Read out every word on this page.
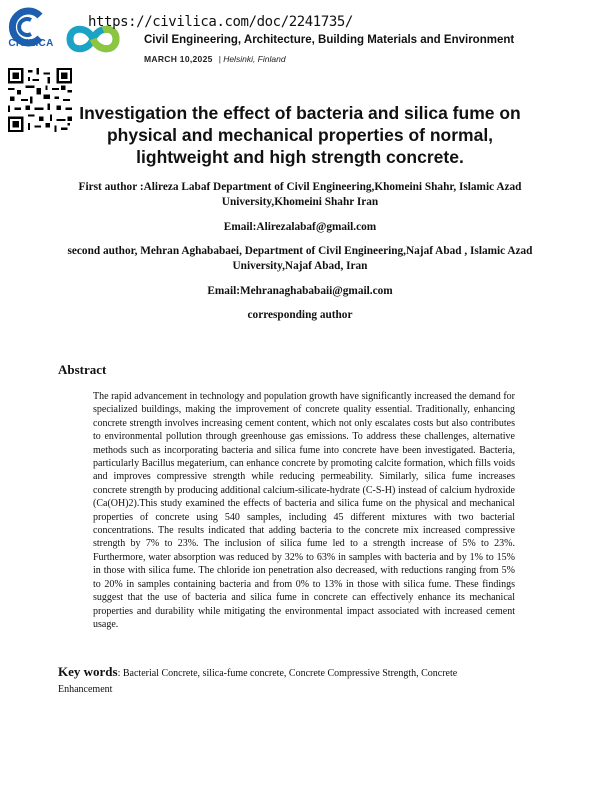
CIVILICA
https://civilica.com/doc/2241735/
Civil Engineering, Architecture, Building Materials and Environment
MARCH 10,2025 | Helsinki, Finland
Investigation the effect of bacteria and silica fume on physical and mechanical properties of normal, lightweight and high strength concrete.
First author :Alireza Labaf Department of Civil Engineering,Khomeini Shahr, Islamic Azad University,Khomeini Shahr Iran
Email:Alirezalabaf@gmail.com
second author, Mehran Aghababaei, Department of Civil Engineering,Najaf Abad , Islamic Azad University,Najaf Abad, Iran
Email:Mehranaghababaii@gmail.com
corresponding author
Abstract
The rapid advancement in technology and population growth have significantly increased the demand for specialized buildings, making the improvement of concrete quality essential. Traditionally, enhancing concrete strength involves increasing cement content, which not only escalates costs but also contributes to environmental pollution through greenhouse gas emissions. To address these challenges, alternative methods such as incorporating bacteria and silica fume into concrete have been investigated. Bacteria, particularly Bacillus megaterium, can enhance concrete by promoting calcite formation, which fills voids and improves compressive strength while reducing permeability. Similarly, silica fume increases concrete strength by producing additional calcium-silicate-hydrate (C-S-H) instead of calcium hydroxide (Ca(OH)2).This study examined the effects of bacteria and silica fume on the physical and mechanical properties of concrete using 540 samples, including 45 different mixtures with two bacterial concentrations. The results indicated that adding bacteria to the concrete mix increased compressive strength by 7% to 23%. The inclusion of silica fume led to a strength increase of 5% to 23%. Furthermore, water absorption was reduced by 32% to 63% in samples with bacteria and by 1% to 15% in those with silica fume. The chloride ion penetration also decreased, with reductions ranging from 5% to 20% in samples containing bacteria and from 0% to 13% in those with silica fume. These findings suggest that the use of bacteria and silica fume in concrete can effectively enhance its mechanical properties and durability while mitigating the environmental impact associated with increased cement usage.
Key words: Bacterial Concrete, silica-fume concrete, Concrete Compressive Strength, Concrete Enhancement
